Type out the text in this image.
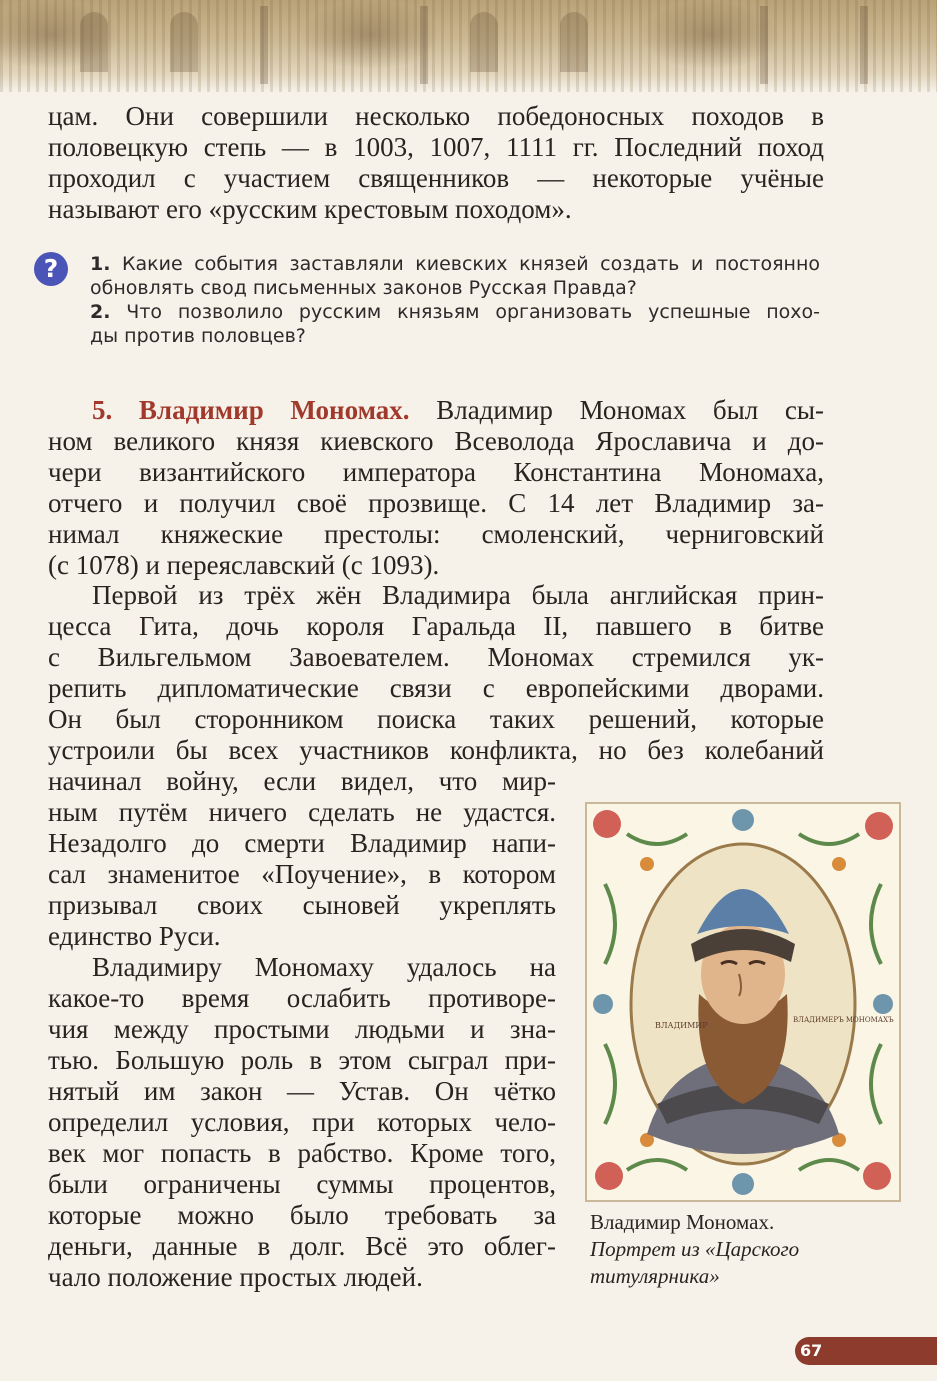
цам. Они совершили несколько победоносных походов в
половецкую степь — в 1003, 1007, 1111 гг. Последний поход
проходил с участием священников — некоторые учёные
называют его «русским крестовым походом».
?	1. Какие события заставляли киевских князей создать и постоянно
обновлять свод письменных законов Русская Правда?
2. Что позволило русским князьям организовать успешные похо-
ды против половцев?
5. Владимир Мономах. Владимир Мономах был сы-
ном великого князя киевского Всеволода Ярославича и до-
чери византийского императора Константина Мономаха,
отчего и получил своё прозвище. С 14 лет Владимир за-
нимал княжеские престолы: смоленский, черниговский
(с 1078) и переяславский (с 1093).
Первой из трёх жён Владимира была английская прин-
цесса Гита, дочь короля Гаральда II, павшего в битве
с Вильгельмом Завоевателем. Мономах стремился ук-
репить дипломатические связи с европейскими дворами.
Он был сторонником поиска таких решений, которые
устроили бы всех участников конфликта, но без колебаний
начинал войну, если видел, что мир-
ным путём ничего сделать не удастся.
Незадолго до смерти Владимир напи-
сал знаменитое «Поучение», в котором
призывал своих сыновей укреплять
единство Руси.
Владимиру Мономаху удалось на
какое-то время ослабить противоре-
чия между простыми людьми и зна-
тью. Большую роль в этом сыграл при-
нятый им закон — Устав. Он чётко
определил условия, при которых чело-
век мог попасть в рабство. Кроме того,
были ограничены суммы процентов,
которые можно было требовать за
деньги, данные в долг. Всё это облег-
чало положение простых людей.
ВЛАДИМИР
ВЛАДИМЕРЪ МОНОМАХЪ
Владимир Мономах.
Портрет из «Царского
титулярника»
67
